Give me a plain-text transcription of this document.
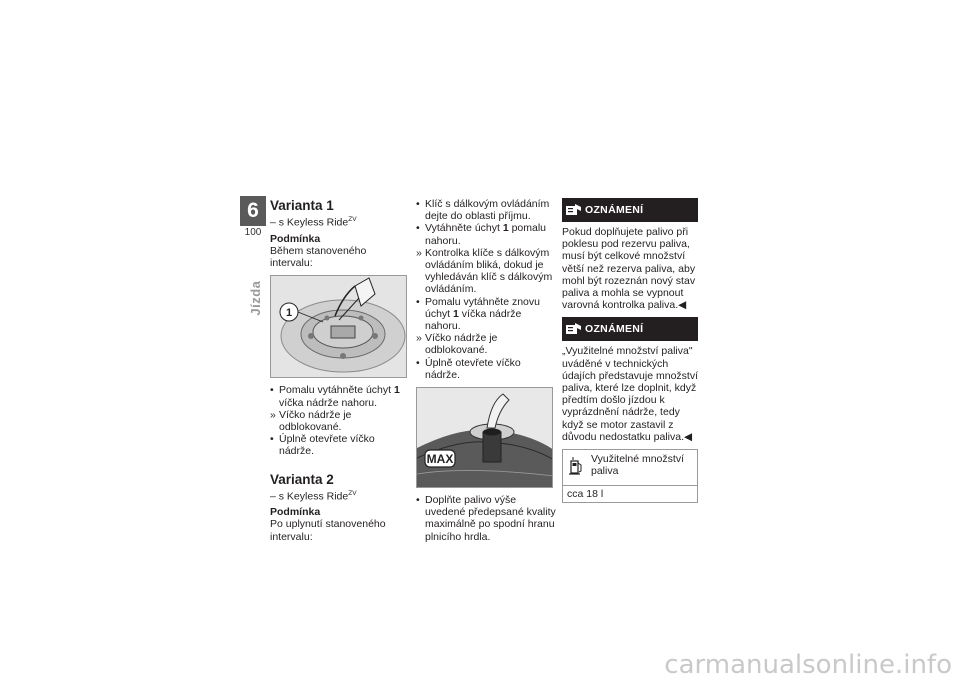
6
100
Jízda
Varianta 1
– s Keyless Ride$^{ZV}$
Podmínka
Během stanoveného intervalu:
1
• Pomalu vytáhněte úchyt 1 víčka nádrže nahoru.
» Víčko nádrže je odblokované.
• Úplně otevřete víčko nádrže.
Varianta 2
– s Keyless Ride$^{ZV}$
Podmínka
Po uplynutí stanoveného intervalu:
• Klíč s dálkovým ovládáním dejte do oblasti příjmu.
• Vytáhněte úchyt 1 pomalu nahoru.
» Kontrolka klíče s dálkovým ovládáním bliká, dokud je vyhledáván klíč s dálkovým ovládáním.
• Pomalu vytáhněte znovu úchyt 1 víčka nádrže nahoru.
» Víčko nádrže je odblokované.
• Úplně otevřete víčko nádrže.
MAX
• Doplňte palivo výše uvedené předepsané kvality maximálně po spodní hranu plnicího hrdla.
OZNÁMENÍ
Pokud doplňujete palivo při poklesu pod rezervu paliva, musí být celkové množství větší než rezerva paliva, aby mohl být rozeznán nový stav paliva a mohla se vypnout varovná kontrolka paliva.◀
OZNÁMENÍ
„Využitelné množství paliva" uváděné v technických údajích představuje množství paliva, které lze doplnit, když předtím došlo jízdou k vyprázdnění nádrže, tedy když se motor zastavil z důvodu nedostatku paliva.◀
Využitelné množství paliva
cca 18 l
carmanualsonline.info
